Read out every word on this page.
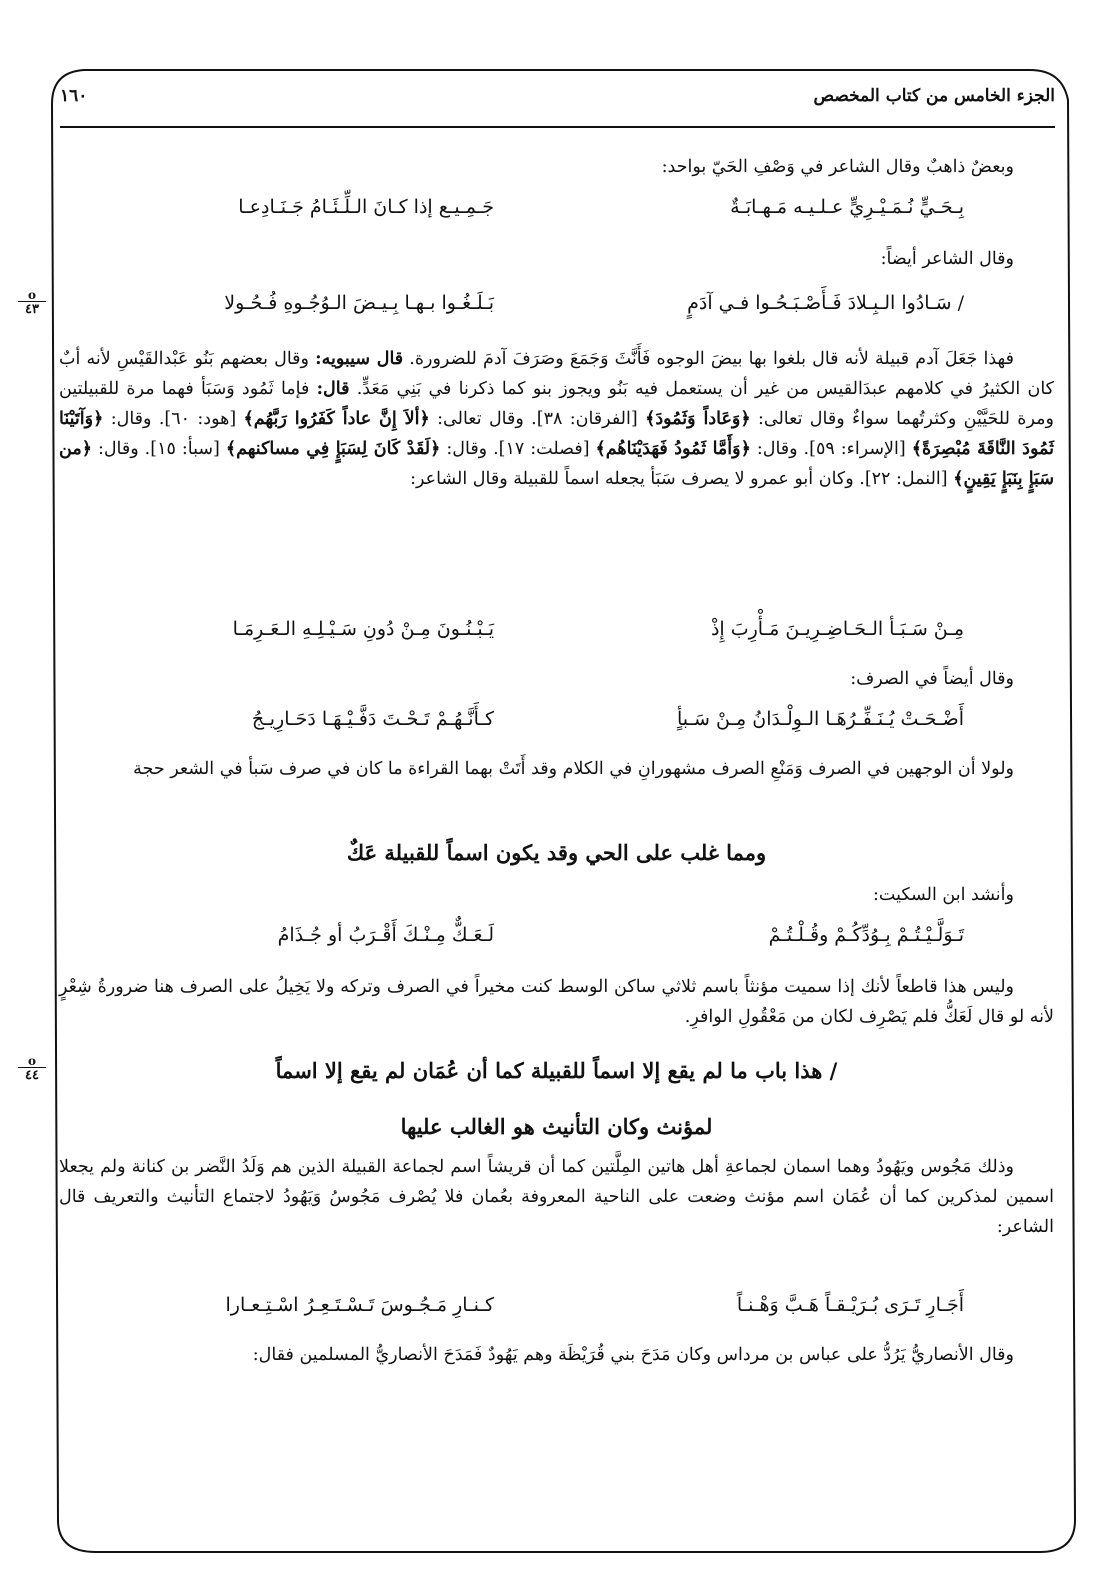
الجزء الخامس من كتاب المخصص
١٦٠
وبعضٌ ذاهبٌ وقال الشاعر في وَصْفِ الحَيّ بواحد:
بِـحَـيٍّ نُـمَـيْـرِيٍّ عـلـيـه مَـهـابَـةٌ
جَـمِـيـع إذا كـانَ الـلِّـئَـامُ جَـنَـادِعـا
وقال الشاعر أيضاً:
/ سَـادُوا الـبِـلادَ فَـأَصْـبَـحُـوا فـي آدَمٍ
بَـلَـغُـوا بـهـا بِـيـضَ الـوُجُـوهِ فُـحُـولا
o
٤٣
فهذا جَعَلَ آدم قبيلة لأنه قال بلغوا بها بيضَ الوجوه فَأَنَّثَ وَجَمَعَ وصَرَفَ آدمَ للضرورة. قال سيبويه: وقال بعضهم بَنُو عَبْدالقَيْسِ لأنه أبٌ كان الكثيرُ في كلامهم عبدَالقيس من غير أن يستعمل فيه بَنُو ويجوز بنو كما ذكرنا في بَنِي مَعَدٍّ. قال: فإما ثَمُود وَسَبَأ فهما مرة للقبيلتين ومرة للحَيَّيْنِ وكثرتُهما سواءٌ وقال تعالى: ﴿وَعَاداً وَثَمُودَ﴾ [الفرقان: ٣٨]. وقال تعالى: ﴿ألاَ إِنَّ عاداً كَفَرُوا رَبَّهُم﴾ [هود: ٦٠]. وقال: ﴿وَآتَيْنَا ثَمُودَ النَّاقَةَ مُبْصِرَةً﴾ [الإسراء: ٥٩]. وقال: ﴿وَأَمَّا ثَمُودُ فَهَدَيْنَاهُم﴾ [فصلت: ١٧]. وقال: ﴿لَقَدْ كَانَ لِسَبَإٍ فِي مساكنهم﴾ [سبأ: ١٥]. وقال: ﴿من سَبَإٍ بِنَبَإٍ يَقِينٍ﴾ [النمل: ٢٢]. وكان أبو عمرو لا يصرف سَبَأ يجعله اسماً للقبيلة وقال الشاعر:
مِـنْ سَـبَـأ الـحَـاضِـرِيـنَ مَـأْرِبَ إِذْ
يَـبْـنُـونَ مِـنْ دُونِ سَـيْـلِـهِ الـعَـرِمَـا
وقال أيضاً في الصرف:
أَضْـحَـتْ يُـنَـفِّـرُهَـا الـوِلْـدَانُ مِـنْ سَـبأٍ
كـأَنَّـهُـمْ تَـحْـتَ دَفَّـيْـهَـا دَحَـارِيـجُ
ولولا أن الوجهين في الصرف وَمَنْعِ الصرف مشهورانِ في الكلام وقد أَتَتْ بهما القراءة ما كان في صرف سَبأ في الشعر حجة
ومما غلب على الحي وقد يكون اسماً للقبيلة عَكٌ
وأنشد ابن السكيت:
تَـوَلَّـيْـتُـمْ بِـوُدِّكُـمْ وقُـلْـتُـمْ
لَـعَـكٌّ مِـنْـكَ أَقْـرَبُ أو جُـذَامُ
وليس هذا قاطعاً لأنك إذا سميت مؤنثاً باسم ثلاثي ساكن الوسط كنت مخيراً في الصرف وتركه ولا يَخِيلُ على الصرف هنا ضرورةُ شِعْرٍ لأنه لو قال لَعَكُّ فلم يَصْرِف لكان من مَعْقُولِ الوافرِ.
/ هذا باب ما لم يقع إلا اسماً للقبيلة كما أن عُمَان لم يقع إلا اسماً
o
٤٤
لمؤنث وكان التأنيث هو الغالب عليها
وذلك مَجُوس ويَهُودُ وهما اسمان لجماعةِ أهل هاتين المِلَّتين كما أن قريشاً اسم لجماعة القبيلة الذين هم وَلَدُ النَّضر بن كنانة ولم يجعلا اسمين لمذكرين كما أن عُمَان اسم مؤنث وضعت على الناحية المعروفة بعُمان فلا يُصْرف مَجُوسُ وَيَهُودُ لاجتماع التأنيث والتعريف قال الشاعر:
أَجَـارِ تَـرَى بُـرَيْـقـاً هَـبَّ وَهْـنـاً
كـنـارِ مَـجُـوسَ تَـسْـتَـعِـرُ اسْـتِـعـارا
وقال الأنصاريُّ يَرُدُّ على عباس بن مرداس وكان مَدَحَ بني قُرَيْظَة وهم يَهُودٌ فَمَدَحَ الأنصاريُّ المسلمين فقال:
